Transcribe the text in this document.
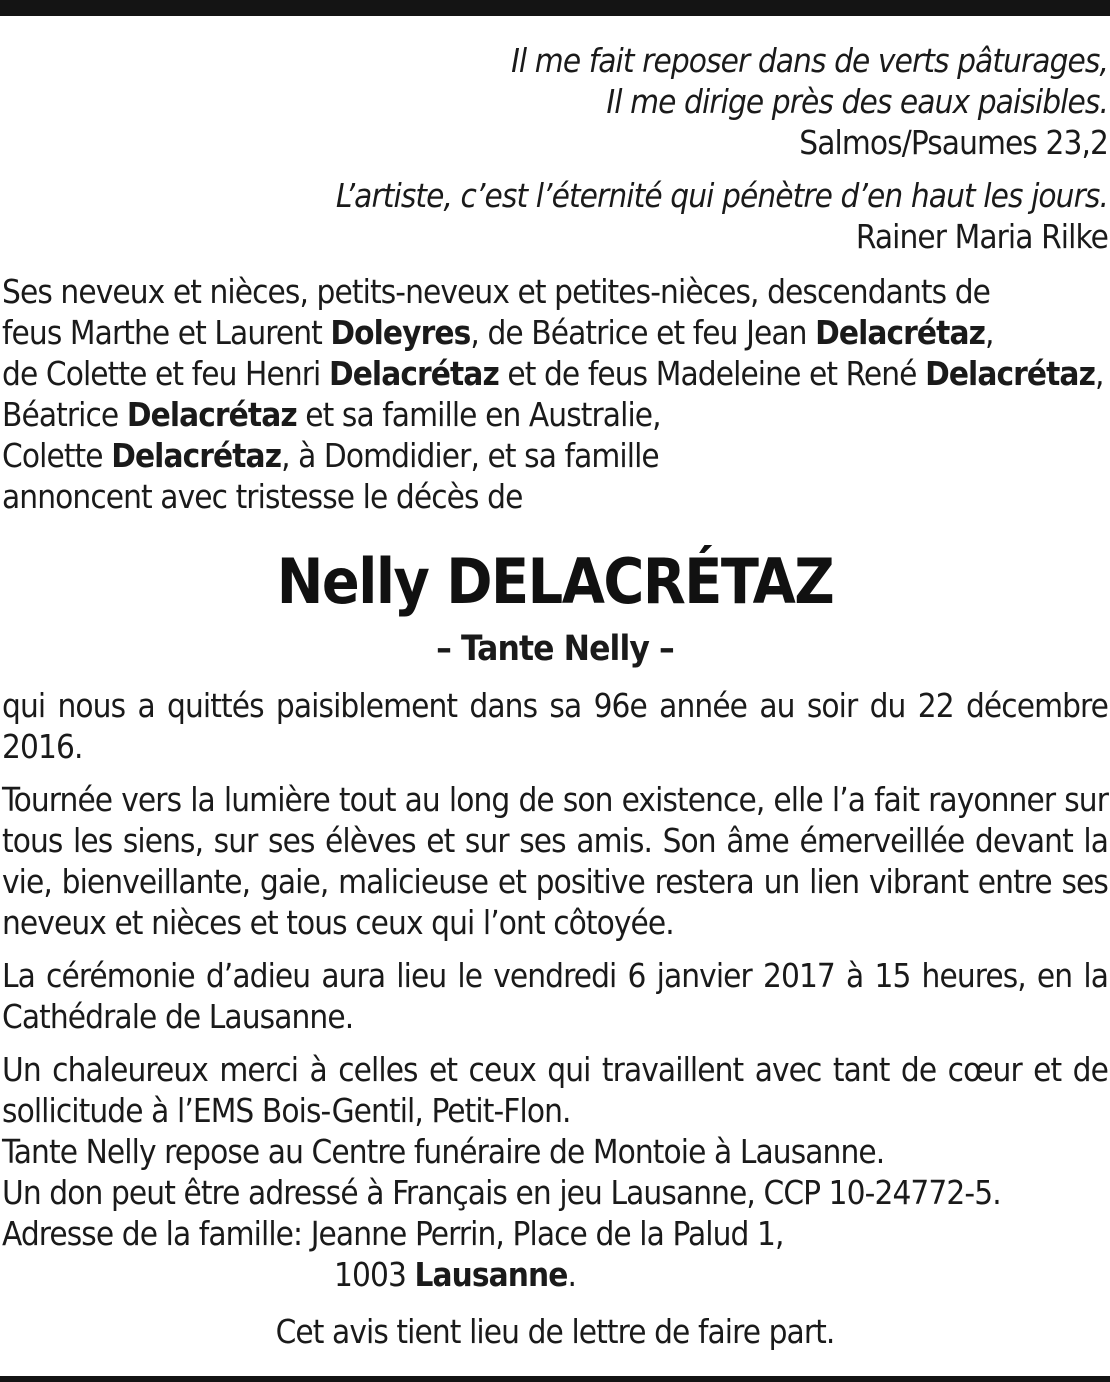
Il me fait reposer dans de verts pâturages,
Il me dirige près des eaux paisibles.
Salmos/Psaumes 23,2
L’artiste, c’est l’éternité qui pénètre d’en haut les jours.
Rainer Maria Rilke
Ses neveux et nièces, petits-neveux et petites-nièces, descendants de
feus Marthe et Laurent Doleyres, de Béatrice et feu Jean Delacrétaz,
de Colette et feu Henri Delacrétaz et de feus Madeleine et René Delacrétaz,
Béatrice Delacrétaz et sa famille en Australie,
Colette Delacrétaz, à Domdidier, et sa famille
annoncent avec tristesse le décès de
Nelly DELACRÉTAZ
– Tante Nelly –

qui nous a quittés paisiblement dans sa 96e année au soir du 22 décembre 2016.

Tournée vers la lumière tout au long de son existence, elle l’a fait rayonner sur tous les siens, sur ses élèves et sur ses amis. Son âme émerveillée devant la vie, bienveillante, gaie, malicieuse et positive restera un lien vibrant entre ses neveux et nièces et tous ceux qui l’ont côtoyée.

La cérémonie d’adieu aura lieu le vendredi 6 janvier 2017 à 15 heures, en la Cathédrale de Lausanne.

Un chaleureux merci à celles et ceux qui travaillent avec tant de cœur et de sollicitude à l’EMS Bois-Gentil, Petit-Flon.
Tante Nelly repose au Centre funéraire de Montoie à Lausanne.
Un don peut être adressé à Français en jeu Lausanne, CCP 10-24772-5.
Adresse de la famille: Jeanne Perrin, Place de la Palud 1,
1003 Lausanne.

Cet avis tient lieu de lettre de faire part.
